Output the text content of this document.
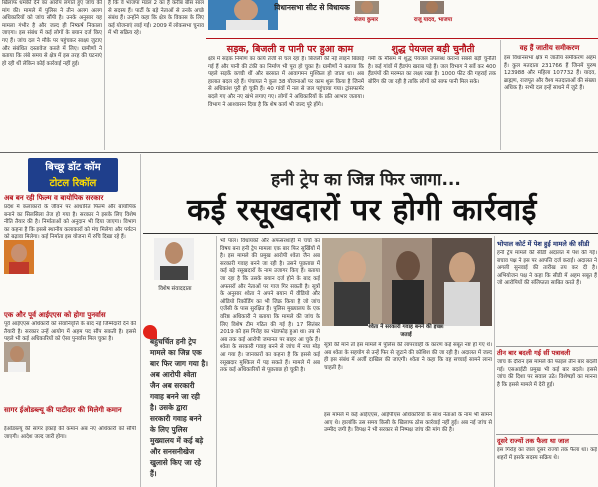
खिलाफ धमकी देने का आरोप लगाते हुए जांच की मांग की। मामले में पुलिस ने तीन अलग अलग अधिकारियों को जांच सौंपी है। उनके अनुसार यह मामला गंभीर है और जल्द ही निष्कर्ष निकाला जाएगा। इस संबंध में कई लोगों के बयान दर्ज किए गए हैं। जांच दल ने मौके पर पहुंचकर साक्ष्य जुटाए और संबंधित दस्तावेज कब्जे में लिए। ग्रामीणों ने बताया कि लंबे समय से क्षेत्र में इस तरह की घटनाएं हो रही थीं लेकिन कोई कार्रवाई नहीं हुई।

है कि वे भाजपा मंडल 2 का है करीब बीस साल से सदस्य हैं। पार्टी के बड़े नेताओं से उनके अच्छे संबंध हैं। उन्होंने कहा कि क्षेत्र के विकास के लिए कई योजनाएं लाई गईं। 2009 में लोकसभा चुनाव में भी सक्रिय रहे।

विधानसभा सीट से विधायक
संजय कुमार	राजू यादव, भाजपा
सड़क, बिजली व पानी पर हुआ काम

क्षेत्र में सड़क निर्माण का कार्य तेजी से चल रहा है। बिजली की नई लाइनें बिछाई गई हैं और पानी की टंकी का निर्माण भी पूरा हो चुका है। ग्रामीणों ने बताया कि पहले सड़कें कच्ची थीं और बरसात में आवागमन मुश्किल हो जाता था। अब हालात बदल रहे हैं। पंचायत ने कुल 38 योजनाओं पर काम शुरू किया है जिनमें से अधिकांश पूरी हो चुकी हैं। 40 गांवों में नल से जल पहुंचाया गया। ट्रांसफार्मर बदले गए और नए खंभे लगाए गए। लोगों ने अधिकारियों के प्रति आभार जताया। विभाग ने आश्वासन दिया है कि शेष कार्य भी जल्द पूरे होंगे।

शुद्ध पेयजल बड़ी चुनौती

गर्मी के मौसम में शुद्ध पेयजल उपलब्ध कराना सबसे बड़ी चुनौती है। कई गांवों में हैंडपंप खराब पड़े हैं। जल विभाग ने सर्वे कर 400 हैंडपंपों की मरम्मत का लक्ष्य रखा है। 1000 फीट की गहराई तक बोरिंग की जा रही है ताकि लोगों को साफ पानी मिल सके।

वह हैं जातीय समीकरण

इस विधानसभा क्षेत्र में जातीय समीकरण अहम हैं। कुल मतदाता 231766 हैं जिनमें पुरुष 123988 और महिला 107732 हैं। यादव, ब्राह्मण, राजपूत और वैश्य मतदाताओं की संख्या अधिक है। सभी दल इन्हें साधने में जुटे हैं।

बिच्छू डॉट कॉम
टोटल रिकॉल
अब बन रही फिल्म व बायोपिक सरकार

प्रदेश में कलाकारों के जीवन पर आधारित फिल्में और बायोपिक बनाने का सिलसिला तेज हो गया है। सरकार ने इसके लिए विशेष नीति तैयार की है। निर्माताओं को अनुदान भी दिया जाएगा। विभाग का कहना है कि इससे स्थानीय कलाकारों को मंच मिलेगा और पर्यटन को बढ़ावा मिलेगा। कई निर्माता इस योजना में रुचि दिखा रहे हैं।

एक और पूर्व आईएएस को होगा पुनर्वास

पूर्व आईएएस अधिकारी को सेवानिवृत्ति के बाद नई जिम्मेदारी देने की तैयारी है। सरकार उन्हें आयोग में अहम पद सौंप सकती है। इससे पहले भी कई अधिकारियों को ऐसा पुनर्वास मिल चुका है।

सागर ईओडब्ल्यू की पाटीदार की मिलेगी कमान

ईओडब्ल्यू की सागर इकाई की कमान अब नए अधिकारी को सौंपी जाएगी। आदेश जल्द जारी होगा।

हनी ट्रेप का जिन्न फिर जागा...
कई रसूखदारों पर होगी कार्रवाई
विशेष संवाददाता
बहुचर्चित हनी ट्रेप मामले का जिन्न एक बार फिर जाग गया है। अब आरोपी श्वेता जैन अब सरकारी गवाह बनने जा रही है। उसके द्वारा सरकारी गवाह बनने के लिए पुलिस मुख्यालय में कई बड़े और सनसनीखेज खुलासे किए जा रहे हैं।

भो पाल। विधायकों और अफसरशाही में चर्चा का विषय बना हनी ट्रेप मामला एक बार फिर सुर्खियों में है। इस मामले की प्रमुख आरोपी श्वेता जैन अब सरकारी गवाह बनने जा रही है। उसने पूछताछ में कई बड़े रसूखदारों के नाम उजागर किए हैं। बताया जा रहा है कि उसके बयान दर्ज होने के बाद कई अफसरों और नेताओं पर गाज गिर सकती है। सूत्रों के अनुसार श्वेता ने अपने बयान में वीडियो और ऑडियो रिकॉर्डिंग का भी जिक्र किया है जो जांच एजेंसी के पास सुरक्षित हैं। पुलिस मुख्यालय के एक वरिष्ठ अधिकारी ने बताया कि मामले की जांच के लिए विशेष टीम गठित की गई है। 17 सितंबर 2019 को इस गिरोह का भंडाफोड़ हुआ था। तब से अब तक कई आरोपी जमानत पर बाहर आ चुके हैं। श्वेता के सरकारी गवाह बनने से जांच में नया मोड़ आ गया है। जानकारों का कहना है कि इससे कई रसूखदार मुश्किल में पड़ सकते हैं। मामले में अब तक कई अधिकारियों से पूछताछ हो चुकी है।

श्वेता ने सरकारी गवाह बनने की इच्छा जताई

सूत्रों की मानें तो इस मामले में पुलिस की लापरवाही के कारण कई सबूत नष्ट हो गए थे। अब श्वेता के सहयोग से उन्हें फिर से जुटाने की कोशिश की जा रही है। अदालत में जल्द ही इस संबंध में अर्जी दाखिल की जाएगी। श्वेता ने कहा कि वह सच्चाई सामने लाना चाहती है।

इस मामले में कई आईएएस, आईपीएस अधिकारियों के साथ नेताओं के नाम भी सामने आए थे। हालांकि उस समय किसी के खिलाफ ठोस कार्रवाई नहीं हुई। अब नई जांच से उम्मीद जगी है। विपक्ष ने भी सरकार से निष्पक्ष जांच की मांग की है।

भोपाल कोर्ट में पेश हुई मामले की सीडी

हनी ट्रेप मामले की सीडी अदालत में पेश की गई। बचाव पक्ष ने इस पर आपत्ति दर्ज कराई। अदालत ने अगली सुनवाई की तारीख तय कर दी है। अभियोजन पक्ष ने कहा कि सीडी में अहम सबूत हैं जो आरोपियों की संलिप्तता साबित करते हैं।

तीन बार बदली गई सीं पत्रावली

जांच के दौरान इस मामले की फाइल तीन बार बदली गई। एसआईटी प्रमुख भी कई बार बदले। इससे जांच की दिशा पर सवाल उठे। विशेषज्ञों का मानना है कि इससे मामले में देरी हुई।

दूसरे राज्यों तक फैला था जाल

इस गिरोह का जाल दूसरे राज्यों तक फैला था। कई शहरों में इसके सदस्य सक्रिय थे।
